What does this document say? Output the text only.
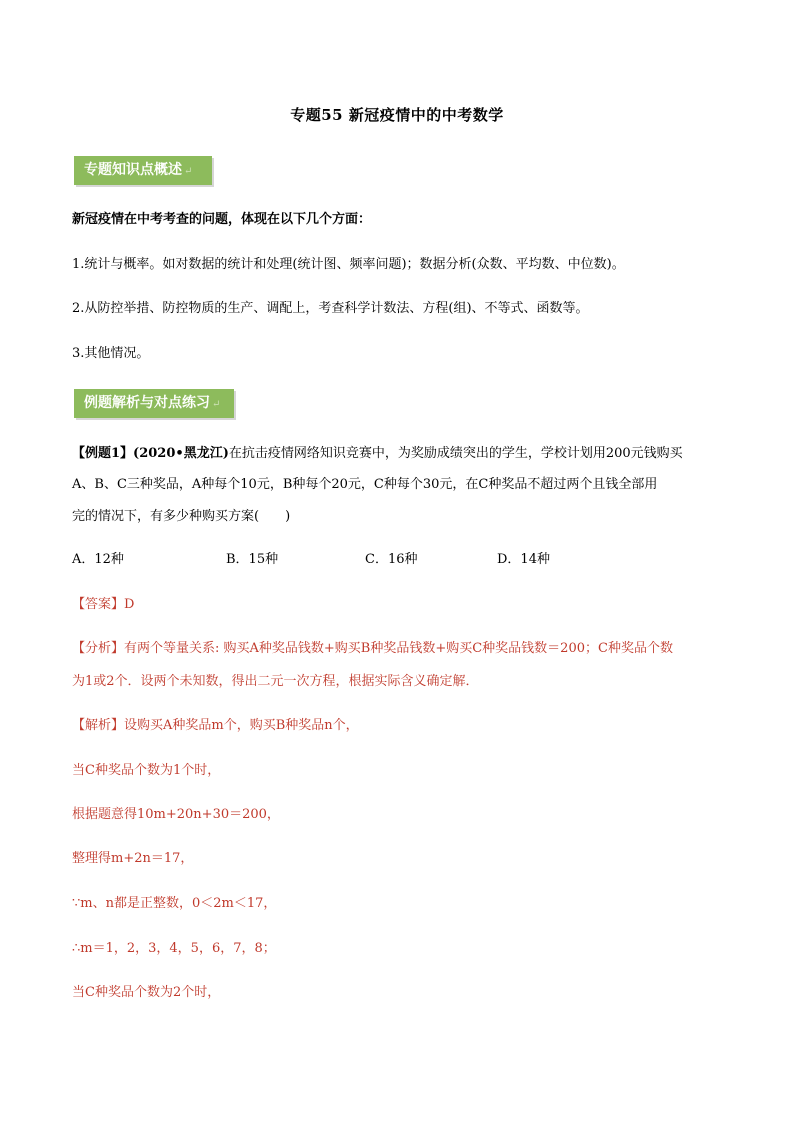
专题55 新冠疫情中的中考数学
专题知识点概述 ↵
新冠疫情在中考考查的问题，体现在以下几个方面：
1.统计与概率。如对数据的统计和处理(统计图、频率问题)；数据分析(众数、平均数、中位数)。
2.从防控举措、防控物质的生产、调配上，考查科学计数法、方程(组)、不等式、函数等。
3.其他情况。
例题解析与对点练习 ↵
【例题1】(2020•黑龙江)在抗击疫情网络知识竞赛中，为奖励成绩突出的学生，学校计划用200元钱购买
A、B、C三种奖品，A种每个10元，B种每个20元，C种每个30元，在C种奖品不超过两个且钱全部用
完的情况下，有多少种购买方案(　　)
A．12种	B．15种	C．16种	D．14种
【答案】D
【分析】有两个等量关系: 购买A种奖品钱数+购买B种奖品钱数+购买C种奖品钱数＝200；C种奖品个数
为1或2个．设两个未知数，得出二元一次方程，根据实际含义确定解．
【解析】设购买A种奖品m个，购买B种奖品n个，
当C种奖品个数为1个时，
根据题意得10m+20n+30＝200，
整理得m+2n＝17，
∵m、n都是正整数，0＜2m＜17，
∴m＝1，2，3，4，5，6，7，8；
当C种奖品个数为2个时，
